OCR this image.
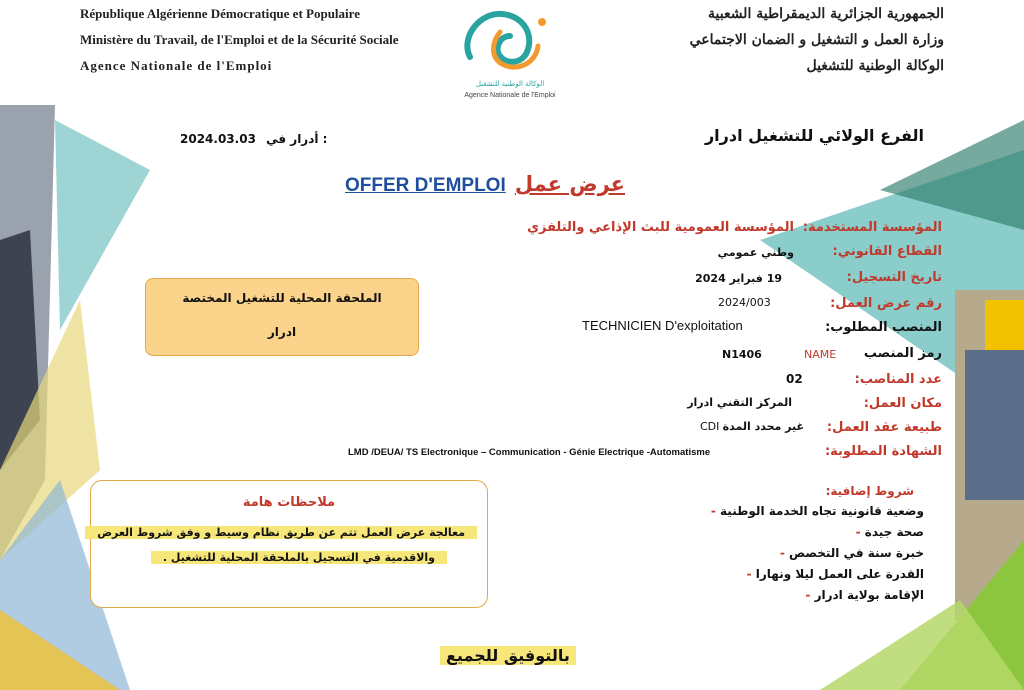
République Algérienne Démocratique et Populaire
Ministère du Travail, de l'Emploi et de la Sécurité Sociale
Agence Nationale de l'Emploi
الوكالة الوطنية للتشغيل
Agence Nationale de l'Emploi
الجمهورية الجزائرية الديمقراطية الشعبية
وزارة العمل و التشغيل و الضمان الاجتماعي
الوكالة الوطنية للتشغيل
الفرع الولائي للتشغيل ادرار
2024.03.03 أدرار في :
OFFER D'EMPLOI عرض عمل
المؤسسة المستخدمة:
القطاع القانوني:
تاريخ التسجيل:
رقم عرض العمل:
المنصب المطلوب:
رمز المنصب
عدد المناصب:
مكان العمل:
طبيعة عقد العمل:
الشهادة المطلوبة:
المؤسسة العمومية للبث الإذاعي والتلفزي
وطني عمومي
19 فبراير 2024
2024/003
TECHNICIEN D'exploitation
N1406	NAME
02
المركز التقني ادرار
غير محدد المدة
CDI
LMD /DEUA/ TS Electronique – Communication - Génie Electrique -Automatisme
الملحقة المحلية للتشغيل المختصة
ادرار
ملاحظات هامة
معالجة عرض العمل تتم عن طريق نظام وسيط و وفق شروط العرض
والاقدمية في التسجيل بالملحقة المحلية للتشغيل .
شروط إضافية:
وضعية قانونية تجاه الخدمة الوطنية -
صحة جيدة -
خبرة سنة في التخصص -
القدرة على العمل ليلا ونهارا -
الإقامة بولاية ادرار -
بالتوفيق للجميع
